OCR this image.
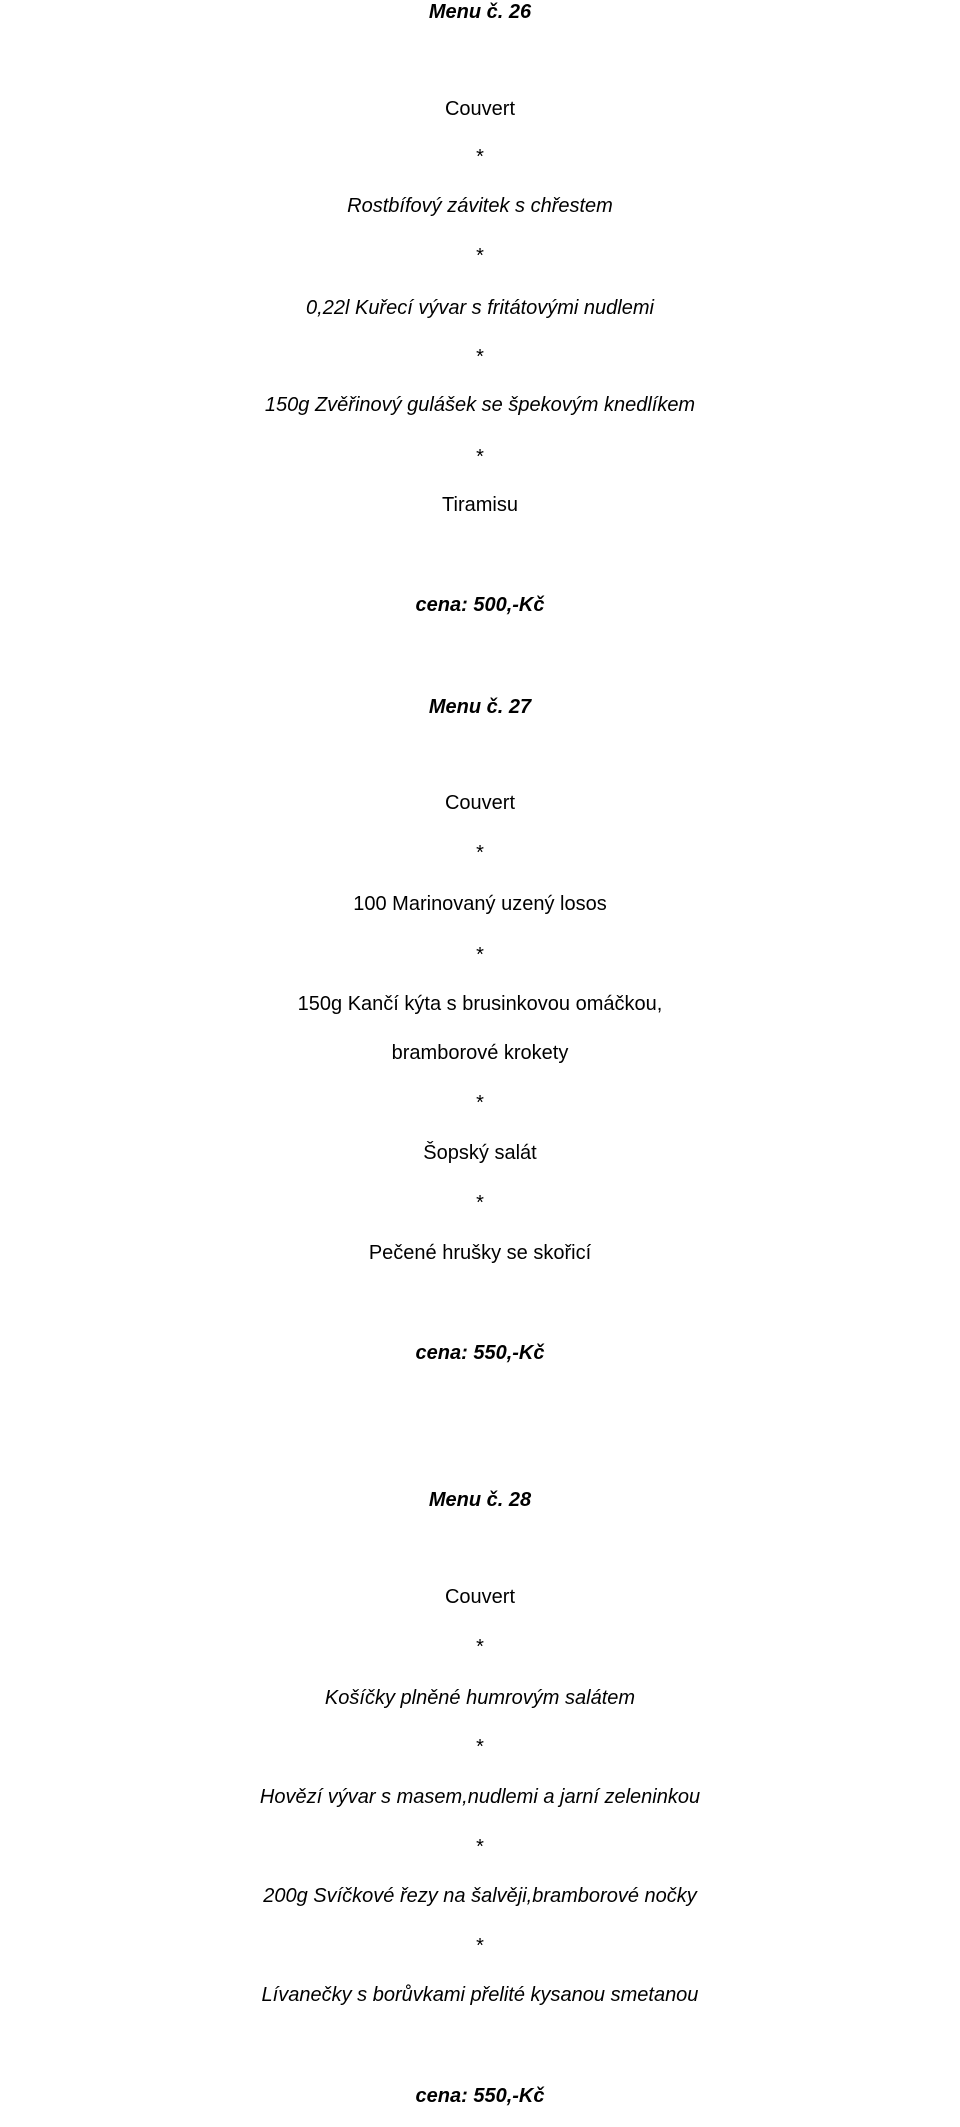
Menu č. 26
Couvert
*
Rostbífový závitek s chřestem
*
0,22l Kuřecí vývar s fritátovými nudlemi
*
150g Zvěřinový gulášek se špekovým knedlíkem
*
Tiramisu
cena: 500,-Kč
Menu č. 27
Couvert
*
100 Marinovaný uzený losos
*
150g Kančí kýta s brusinkovou omáčkou,
bramborové krokety
*
Šopský salát
*
Pečené hrušky se skořicí
cena: 550,-Kč
Menu č. 28
Couvert
*
Košíčky plněné humrovým salátem
*
Hovězí vývar s masem,nudlemi a jarní zeleninkou
*
200g Svíčkové řezy na šalvěji,bramborové nočky
*
Lívanečky s borůvkami přelité kysanou smetanou
cena: 550,-Kč
